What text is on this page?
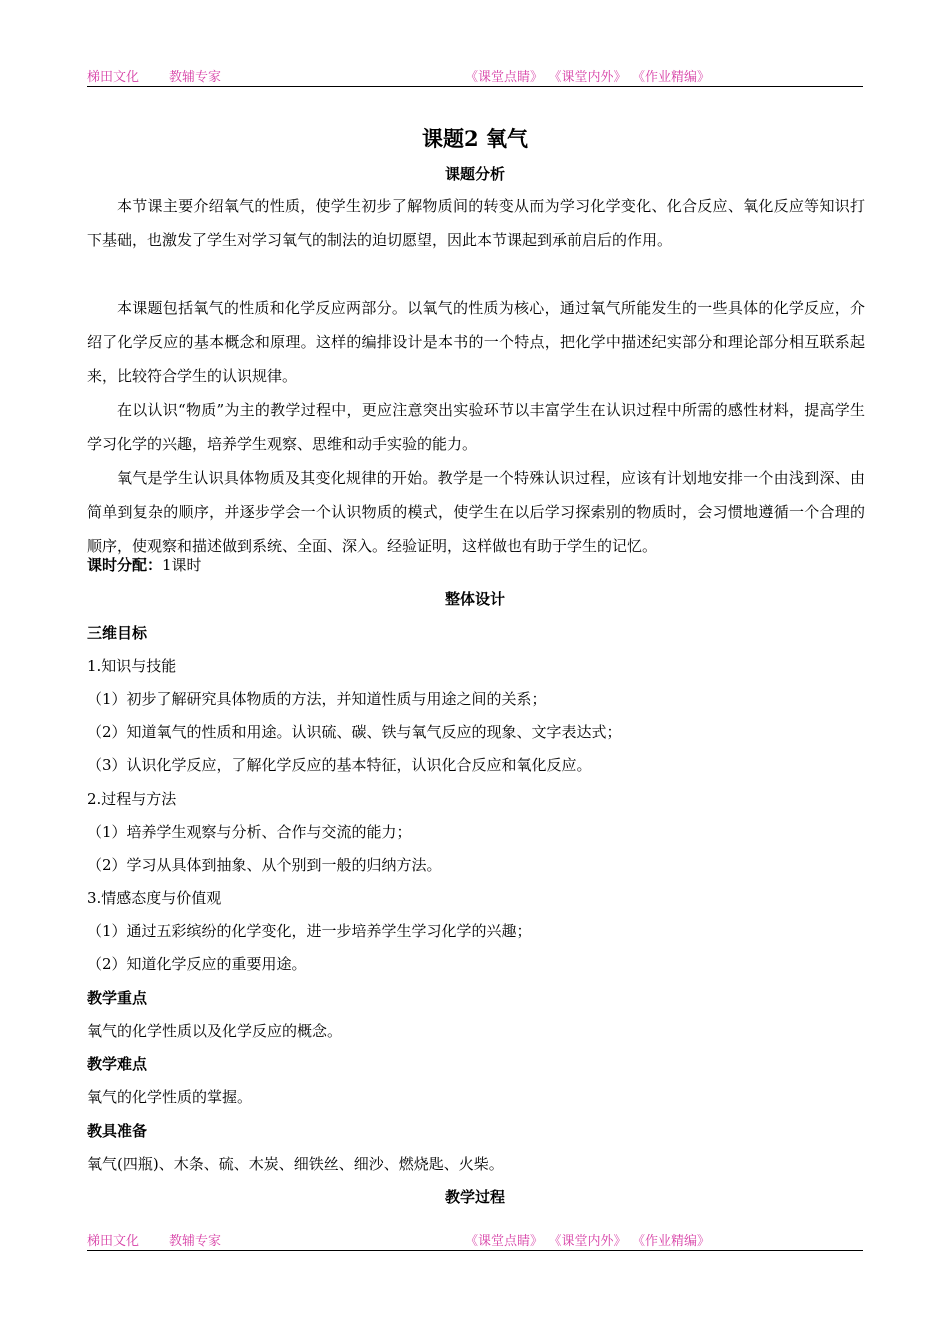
梯田文化 教辅专家	《课堂点睛》 《课堂内外》 《作业精编》
课题2 氧气
课题分析

本节课主要介绍氧气的性质，使学生初步了解物质间的转变从而为学习化学变化、化合反应、氧化反应等知识打下基础，也激发了学生对学习氧气的制法的迫切愿望，因此本节课起到承前启后的作用。

本课题包括氧气的性质和化学反应两部分。以氧气的性质为核心，通过氧气所能发生的一些具体的化学反应，介绍了化学反应的基本概念和原理。这样的编排设计是本书的一个特点，把化学中描述纪实部分和理论部分相互联系起来，比较符合学生的认识规律。

在以认识“物质”为主的教学过程中，更应注意突出实验环节以丰富学生在认识过程中所需的感性材料，提高学生学习化学的兴趣，培养学生观察、思维和动手实验的能力。

氧气是学生认识具体物质及其变化规律的开始。教学是一个特殊认识过程，应该有计划地安排一个由浅到深、由简单到复杂的顺序，并逐步学会一个认识物质的模式，使学生在以后学习探索别的物质时，会习惯地遵循一个合理的顺序，使观察和描述做到系统、全面、深入。经验证明，这样做也有助于学生的记忆。

课时分配：1课时
整体设计
三维目标
1.知识与技能
（1）初步了解研究具体物质的方法，并知道性质与用途之间的关系；
（2）知道氧气的性质和用途。认识硫、碳、铁与氧气反应的现象、文字表达式；
（3）认识化学反应，了解化学反应的基本特征，认识化合反应和氧化反应。
2.过程与方法
（1）培养学生观察与分析、合作与交流的能力；
（2）学习从具体到抽象、从个别到一般的归纳方法。
3.情感态度与价值观
（1）通过五彩缤纷的化学变化，进一步培养学生学习化学的兴趣；
（2）知道化学反应的重要用途。
教学重点
氧气的化学性质以及化学反应的概念。
教学难点
氧气的化学性质的掌握。
教具准备
氧气(四瓶)、木条、硫、木炭、细铁丝、细沙、燃烧匙、火柴。
教学过程
梯田文化 教辅专家	《课堂点睛》 《课堂内外》 《作业精编》
